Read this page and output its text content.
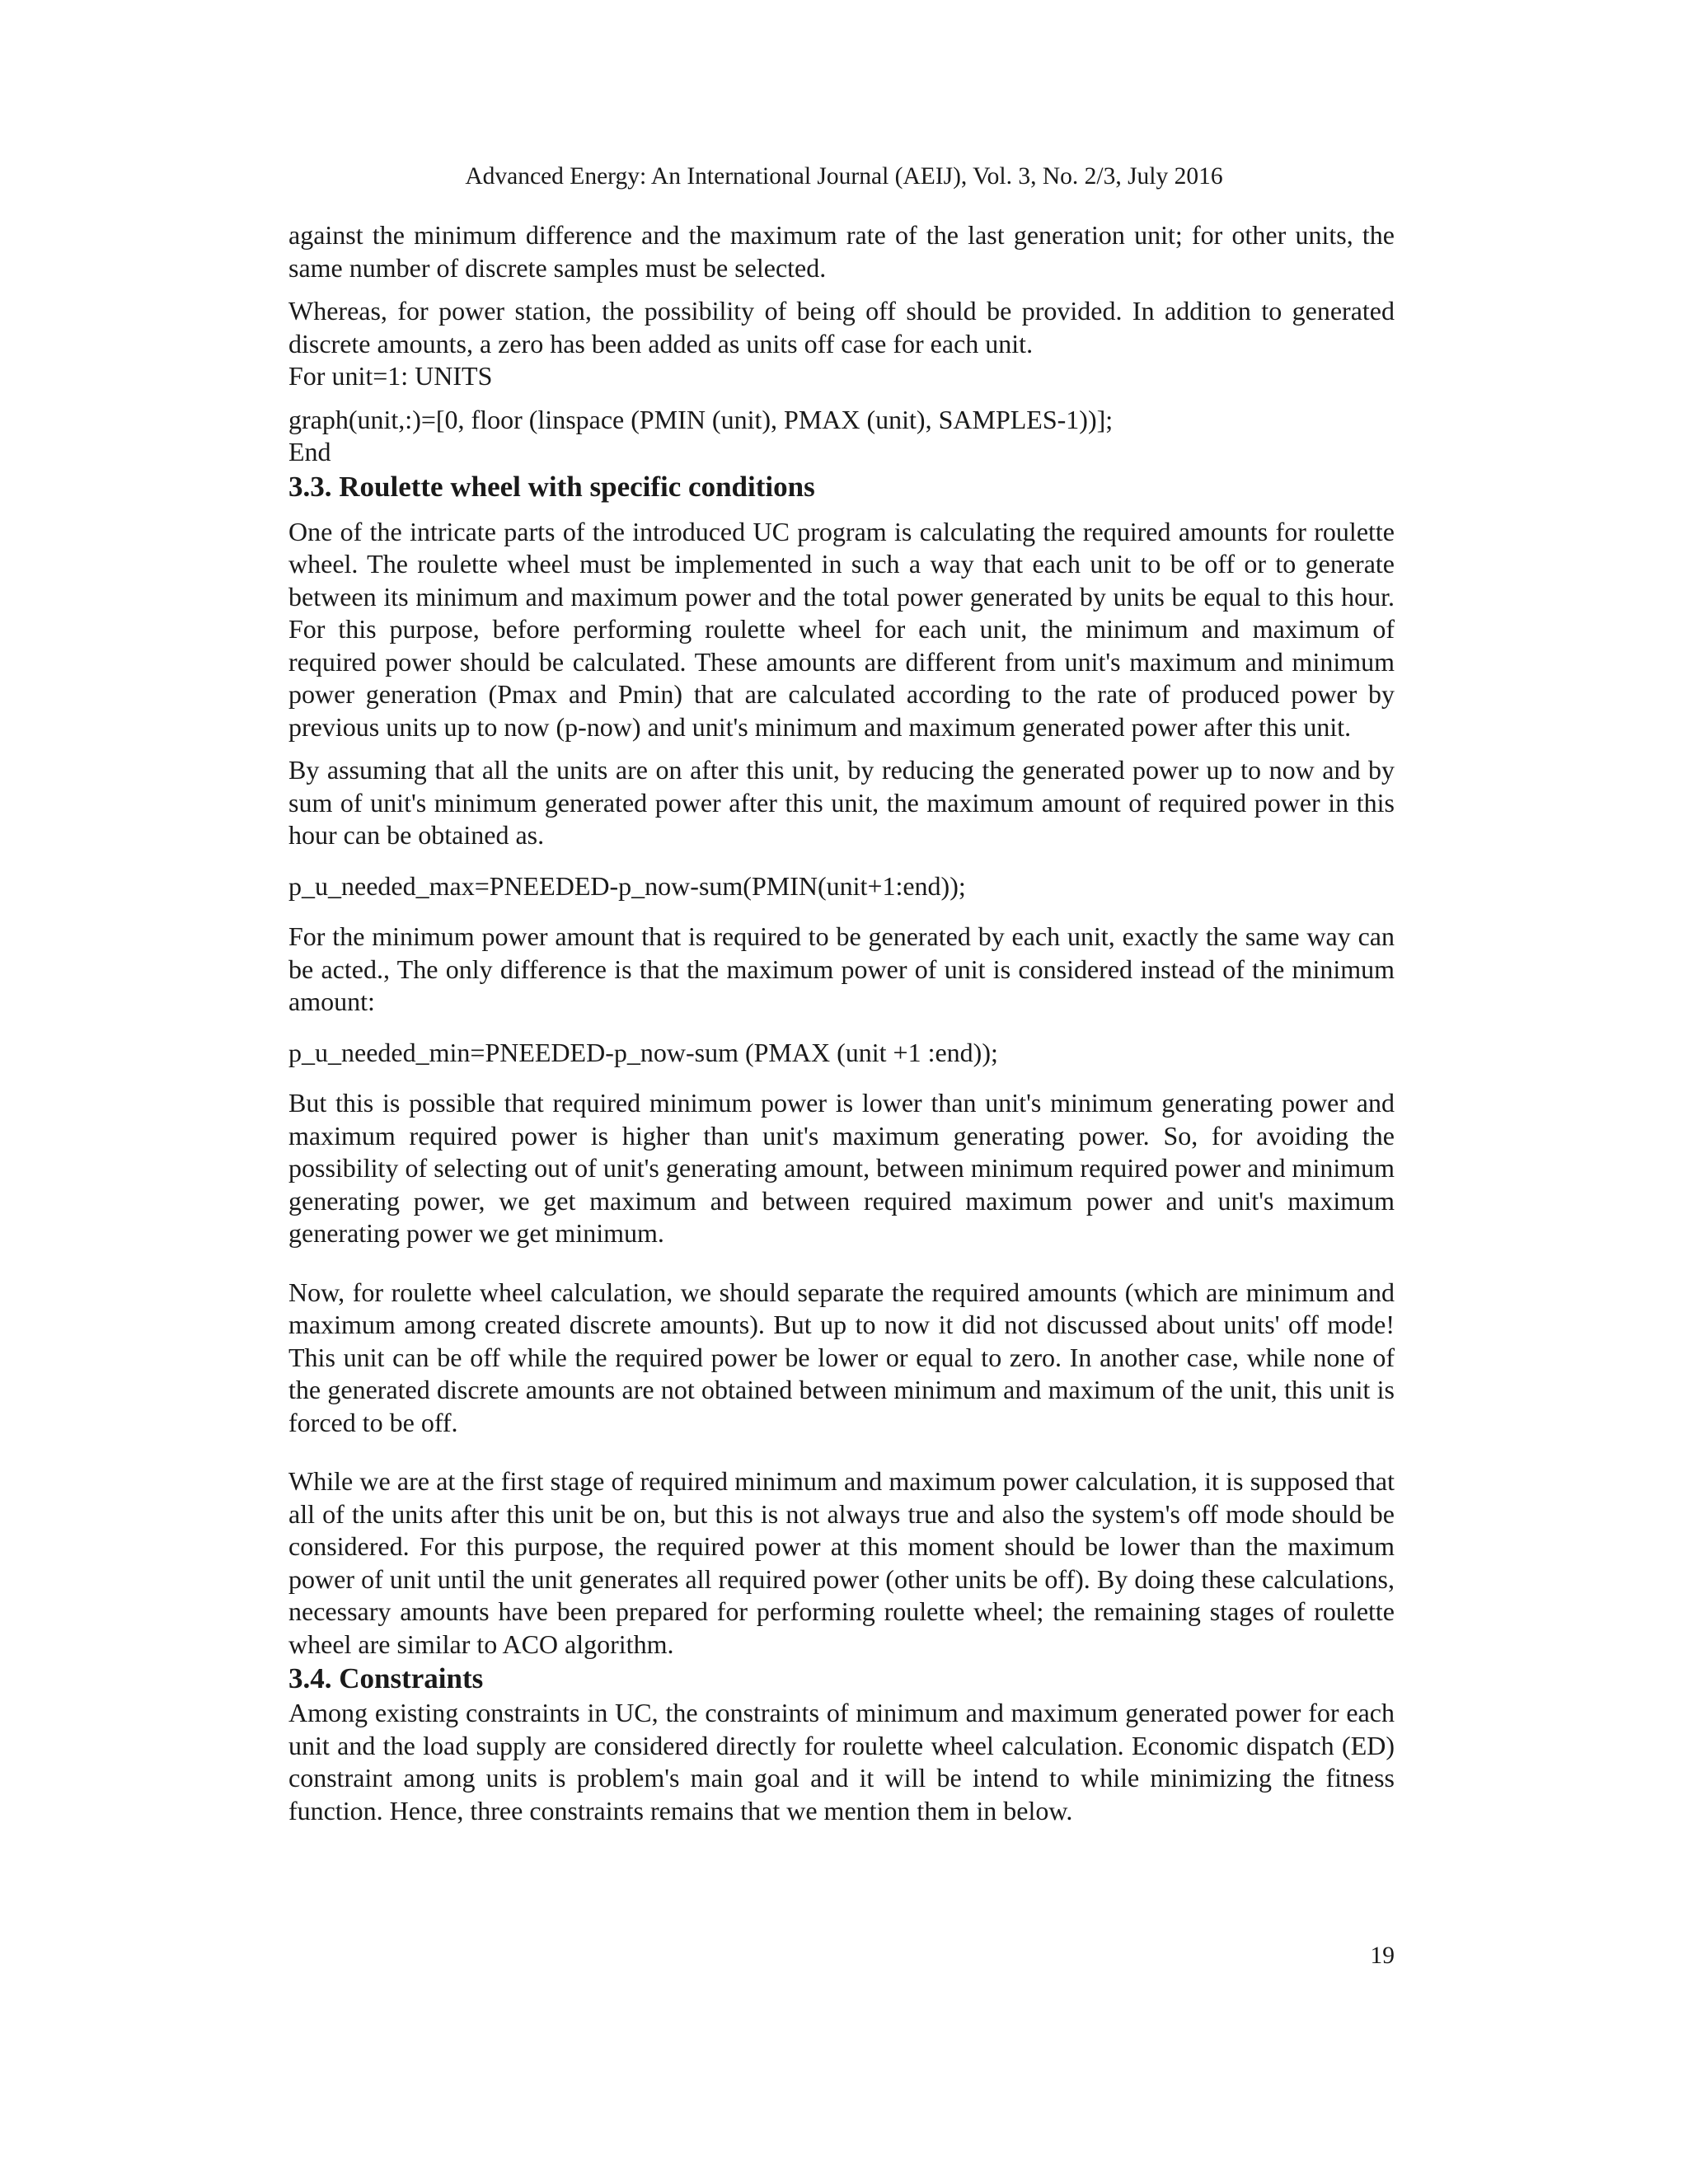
Advanced Energy: An International Journal (AEIJ), Vol. 3, No. 2/3, July 2016

against the minimum difference and the maximum rate of the last generation unit; for other units, the same number of discrete samples must be selected.

Whereas, for power station, the possibility of being off should be provided. In addition to generated discrete amounts, a zero has been added as units off case for each unit.

For unit=1: UNITS

graph(unit,:)=[0, floor (linspace (PMIN (unit), PMAX (unit), SAMPLES-1))];

End

3.3. Roulette wheel with specific conditions

One of the intricate parts of the introduced UC program is calculating the required amounts for roulette wheel. The roulette wheel must be implemented in such a way that each unit to be off or to generate between its minimum and maximum power and the total power generated by units be equal to this hour. For this purpose, before performing roulette wheel for each unit, the minimum and maximum of required power should be calculated. These amounts are different from unit's maximum and minimum power generation (Pmax and Pmin) that are calculated according to the rate of produced power by previous units up to now (p-now) and unit's minimum and maximum generated power after this unit.

By assuming that all the units are on after this unit, by reducing the generated power up to now and by sum of unit's minimum generated power after this unit, the maximum amount of required power in this hour can be obtained as.

p_u_needed_max=PNEEDED-p_now-sum(PMIN(unit+1:end));

For the minimum power amount that is required to be generated by each unit, exactly the same way can be acted., The only difference is that the maximum power of unit is considered instead of the minimum amount:

p_u_needed_min=PNEEDED-p_now-sum (PMAX (unit +1 :end));

But this is possible that required minimum power is lower than unit's minimum generating power and maximum required power is higher than unit's maximum generating power. So, for avoiding the possibility of selecting out of unit's generating amount, between minimum required power and minimum generating power, we get maximum and between required maximum power and unit's maximum generating power we get minimum.

Now, for roulette wheel calculation, we should separate the required amounts (which are minimum and maximum among created discrete amounts). But up to now it did not discussed about units' off mode! This unit can be off while the required power be lower or equal to zero. In another case, while none of the generated discrete amounts are not obtained between minimum and maximum of the unit, this unit is forced to be off.

While we are at the first stage of required minimum and maximum power calculation, it is supposed that all of the units after this unit be on, but this is not always true and also the system's off mode should be considered. For this purpose, the required power at this moment should be lower than the maximum power of unit until the unit generates all required power (other units be off). By doing these calculations, necessary amounts have been prepared for performing roulette wheel; the remaining stages of roulette wheel are similar to ACO algorithm.

3.4. Constraints

Among existing constraints in UC, the constraints of minimum and maximum generated power for each unit and the load supply are considered directly for roulette wheel calculation. Economic dispatch (ED) constraint among units is problem's main goal and it will be intend to while minimizing the fitness function. Hence, three constraints remains that we mention them in below.

19
